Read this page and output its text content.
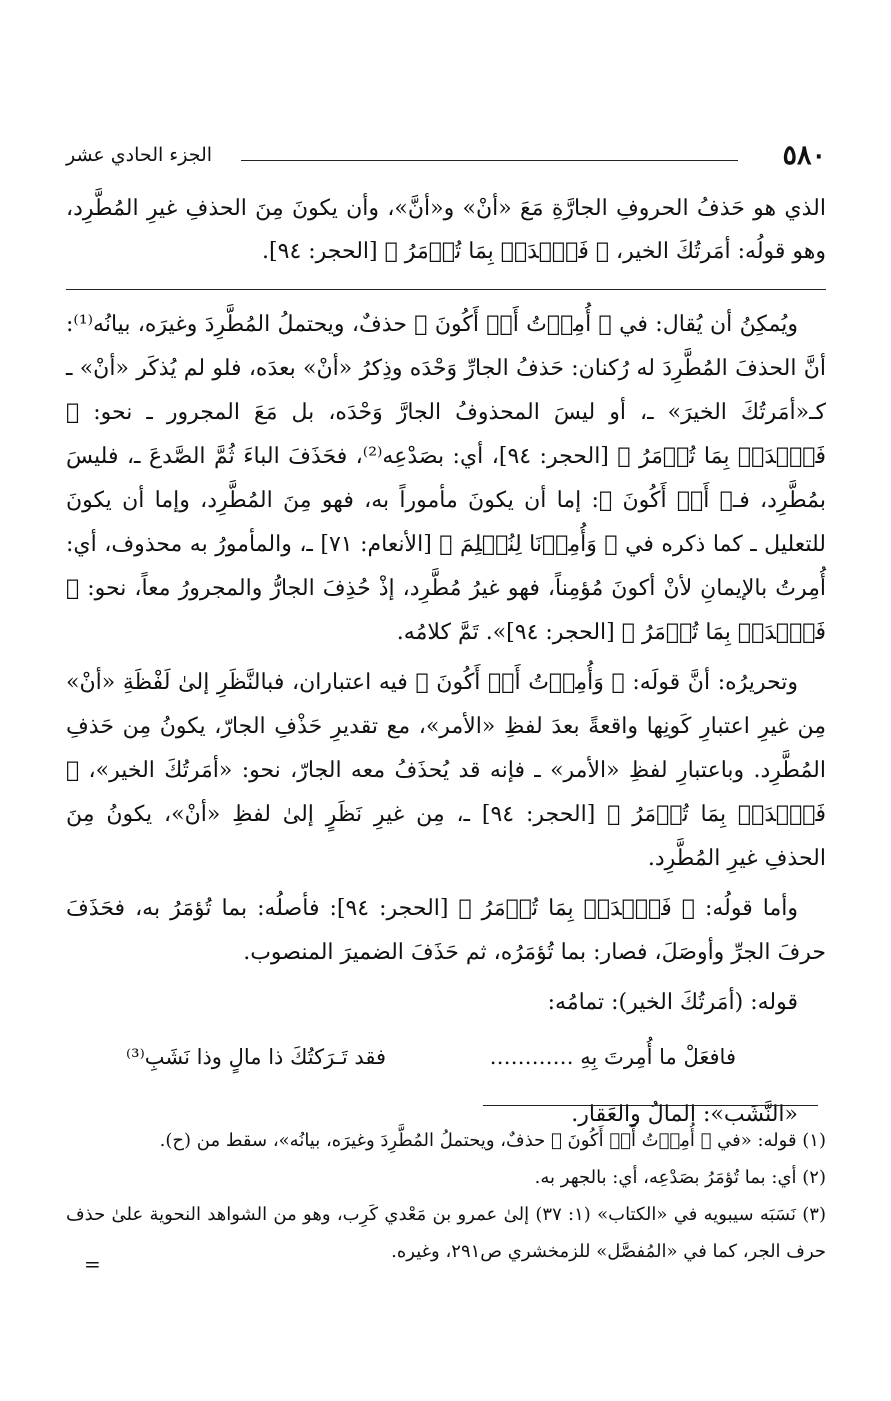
٥٨٠
الجزء الحادي عشر
الذي هو حَذفُ الحروفِ الجارَّةِ مَعَ «أنْ» و«أنَّ»، وأن يكونَ مِنَ الحذفِ غيرِ المُطَّرِد، وهو قولُه: أمَرتُكَ الخير، ﴿ فَٱصۡدَعۡ بِمَا تُؤۡمَرُ ﴾ [الحجر: ٩٤].

ويُمكِنُ أن يُقال: في ﴿ أُمِرۡتُ أَنۡ أَكُونَ ﴾ حذفٌ، ويحتملُ المُطَّرِدَ وغيرَه، بيانُه⁽¹⁾: أنَّ الحذفَ المُطَّرِدَ له رُكنان: حَذفُ الجارِّ وَحْدَه وذِكرُ «أنْ» بعدَه، فلو لم يُذكَر «أنْ» ـ كـ«أمَرتُكَ الخيرَ» ـ، أو ليسَ المحذوفُ الجارَّ وَحْدَه، بل مَعَ المجرور ـ نحو: ﴿ فَٱصۡدَعۡ بِمَا تُؤۡمَرُ ﴾ [الحجر: ٩٤]، أي: بصَدْعِه⁽²⁾، فحَذَفَ الباءَ ثُمَّ الصَّدعَ ـ، فليسَ بمُطَّرِد، فـ﴿ أَنۡ أَكُونَ ﴾: إما أن يكونَ مأموراً به، فهو مِنَ المُطَّرِد، وإما أن يكونَ للتعليل ـ كما ذكره في ﴿ وَأُمِرۡنَا لِنُسۡلِمَ ﴾ [الأنعام: ٧١] ـ، والمأمورُ به محذوف، أي: أُمِرتُ بالإيمانِ لأنْ أكونَ مُؤمِناً، فهو غيرُ مُطَّرِد، إذْ حُذِفَ الجارُّ والمجرورُ معاً، نحو: ﴿ فَٱصۡدَعۡ بِمَا تُؤۡمَرُ ﴾ [الحجر: ٩٤]». تَمَّ كلامُه.

وتحريرُه: أنَّ قولَه: ﴿ وَأُمِرۡتُ أَنۡ أَكُونَ ﴾ فيه اعتباران، فبالنَّظَرِ إلىٰ لَفْظَةِ «أنْ» مِن غيرِ اعتبارِ كَونِها واقعةً بعدَ لفظِ «الأمر»، مع تقديرِ حَذْفِ الجارّ، يكونُ مِن حَذفِ المُطَّرِد. وباعتبارِ لفظِ «الأمر» ـ فإنه قد يُحذَفُ معه الجارّ، نحو: «أمَرتُكَ الخير»، ﴿ فَٱصۡدَعۡ بِمَا تُؤۡمَرُ ﴾ [الحجر: ٩٤] ـ، مِن غيرِ نَظَرٍ إلىٰ لفظِ «أنْ»، يكونُ مِنَ الحذفِ غيرِ المُطَّرِد.

وأما قولُه: ﴿ فَٱصۡدَعۡ بِمَا تُؤۡمَرُ ﴾ [الحجر: ٩٤]: فأصلُه: بما تُؤمَرُ به، فحَذَفَ حرفَ الجرِّ وأوصَلَ، فصار: بما تُؤمَرُه، ثم حَذَفَ الضميرَ المنصوب.

قوله: (أمَرتُكَ الخير): تمامُه:

فقد تَـرَكتُكَ ذا مالٍ وذا نَشَبِ⁽³⁾	فافعَلْ ما أُمِرتَ بِهِ …………

«النَّشَب»: المالُ والعَقار.

(١) قوله: «في ﴿ أُمِرۡتُ أَنۡ أَكُونَ ﴾ حذفٌ، ويحتملُ المُطَّرِدَ وغيرَه، بيانُه»، سقط من (ح).

(٢) أي: بما تُؤمَرُ بصَدْعِه، أي: بالجهر به.

(٣) نَسَبَه سيبويه في «الكتاب» (١: ٣٧) إلىٰ عمرو بن مَعْدي كَرِب، وهو من الشواهد النحوية علىٰ حذف حرف الجر، كما في «المُفصَّل» للزمخشري ص٢٩١، وغيره.

=
